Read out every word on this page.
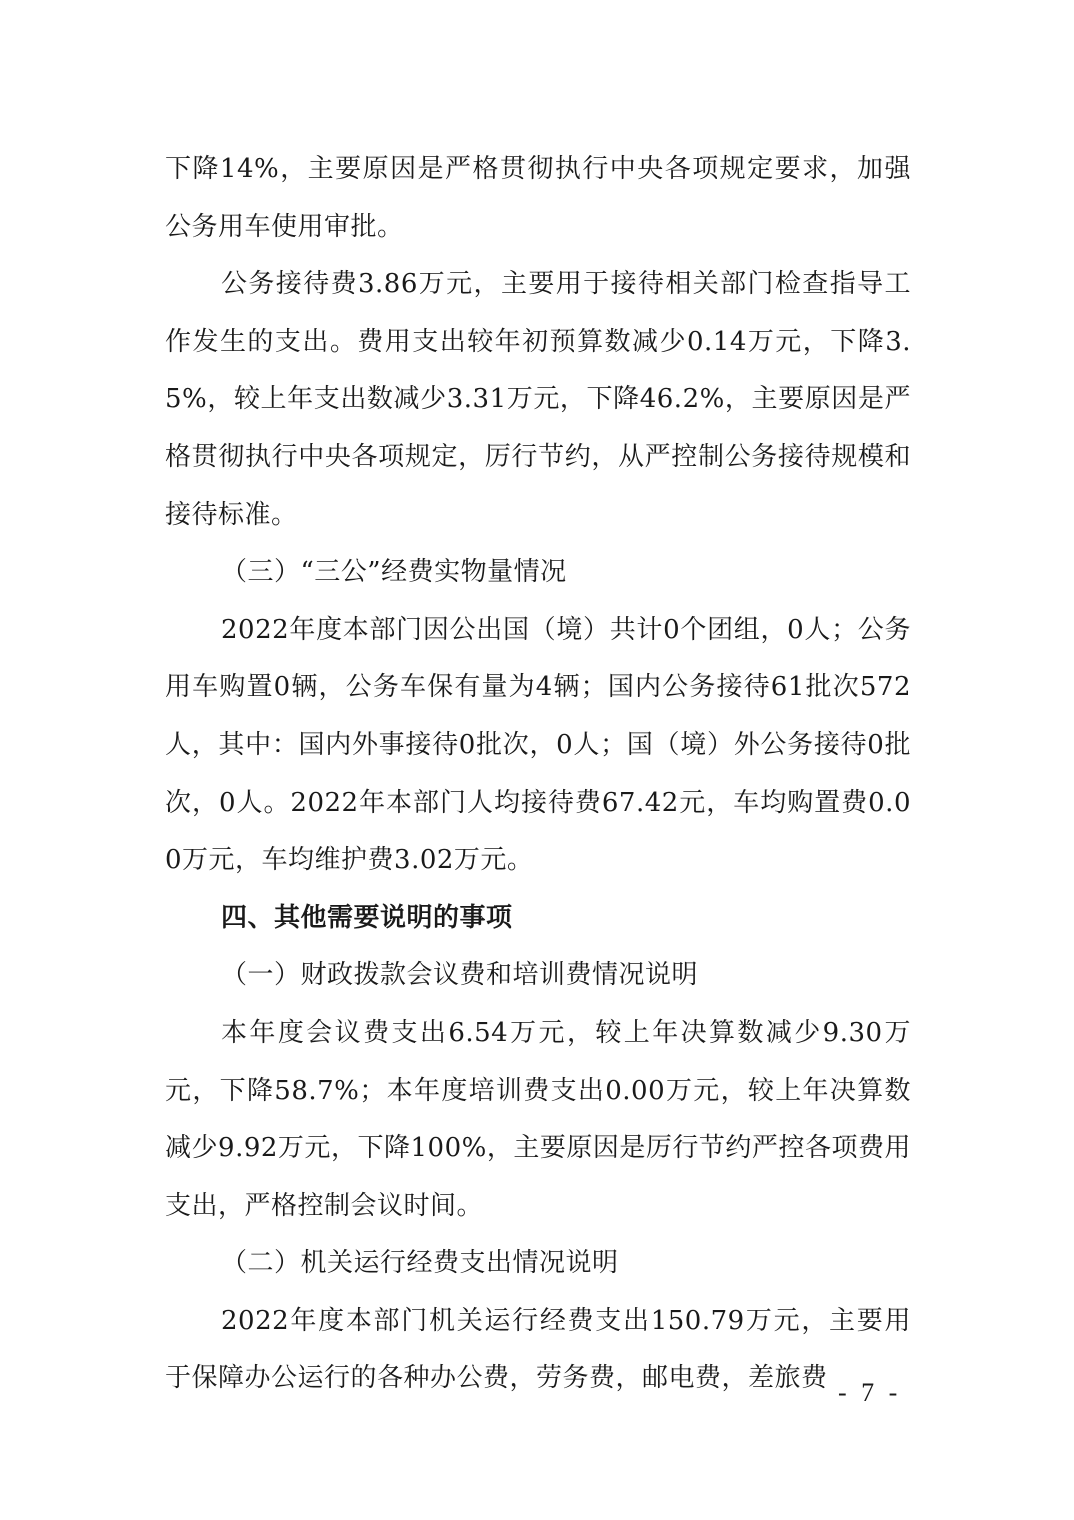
下降14%，主要原因是严格贯彻执行中央各项规定要求，加强公务用车使用审批。

公务接待费3.86万元，主要用于接待相关部门检查指导工作发生的支出。费用支出较年初预算数减少0.14万元，下降3.5%，较上年支出数减少3.31万元，下降46.2%，主要原因是严格贯彻执行中央各项规定，厉行节约，从严控制公务接待规模和接待标准。

（三）“三公”经费实物量情况

2022年度本部门因公出国（境）共计0个团组，0人；公务用车购置0辆，公务车保有量为4辆；国内公务接待61批次572人，其中：国内外事接待0批次，0人；国（境）外公务接待0批次，0人。2022年本部门人均接待费67.42元，车均购置费0.00万元，车均维护费3.02万元。

四、其他需要说明的事项

（一）财政拨款会议费和培训费情况说明

本年度会议费支出6.54万元，较上年决算数减少9.30万元，下降58.7%；本年度培训费支出0.00万元，较上年决算数减少9.92万元，下降100%，主要原因是厉行节约严控各项费用支出，严格控制会议时间。

（二）机关运行经费支出情况说明

2022年度本部门机关运行经费支出150.79万元，主要用于保障办公运行的各种办公费，劳务费，邮电费，差旅费 - 7 -
